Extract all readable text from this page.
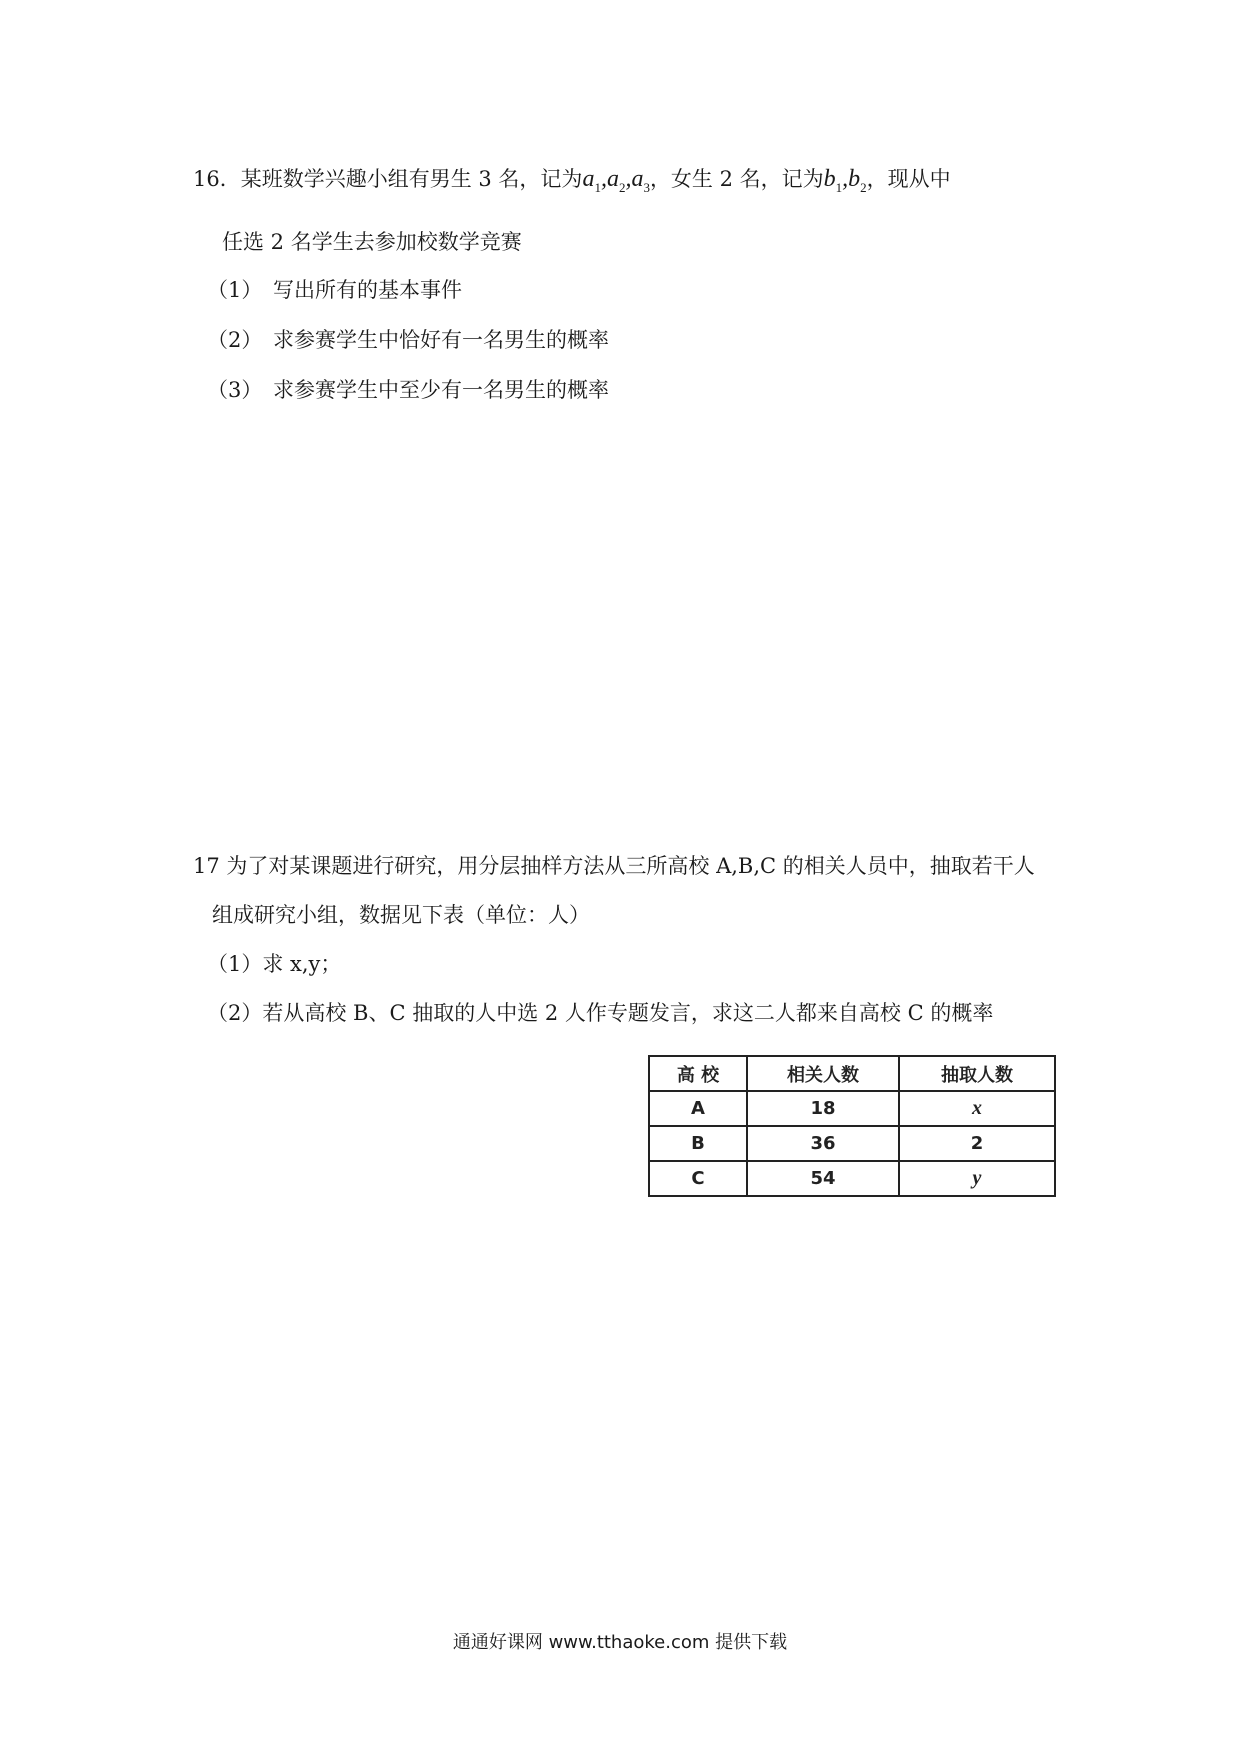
16．某班数学兴趣小组有男生 3 名，记为$a_1,a_2,a_3$，女生 2 名，记为$b_1,b_2$，现从中
任选 2 名学生去参加校数学竞赛
（1） 写出所有的基本事件
（2） 求参赛学生中恰好有一名男生的概率
（3） 求参赛学生中至少有一名男生的概率
17 为了对某课题进行研究，用分层抽样方法从三所高校 A,B,C 的相关人员中，抽取若干人
组成研究小组，数据见下表（单位：人）
（1）求 x,y；
（2）若从高校 B、C 抽取的人中选 2 人作专题发言，求这二人都来自高校 C 的概率
高 校	相关人数	抽取人数
A	18	x
B	36	2
C	54	y
通通好课网 www.tthaoke.com 提供下载
